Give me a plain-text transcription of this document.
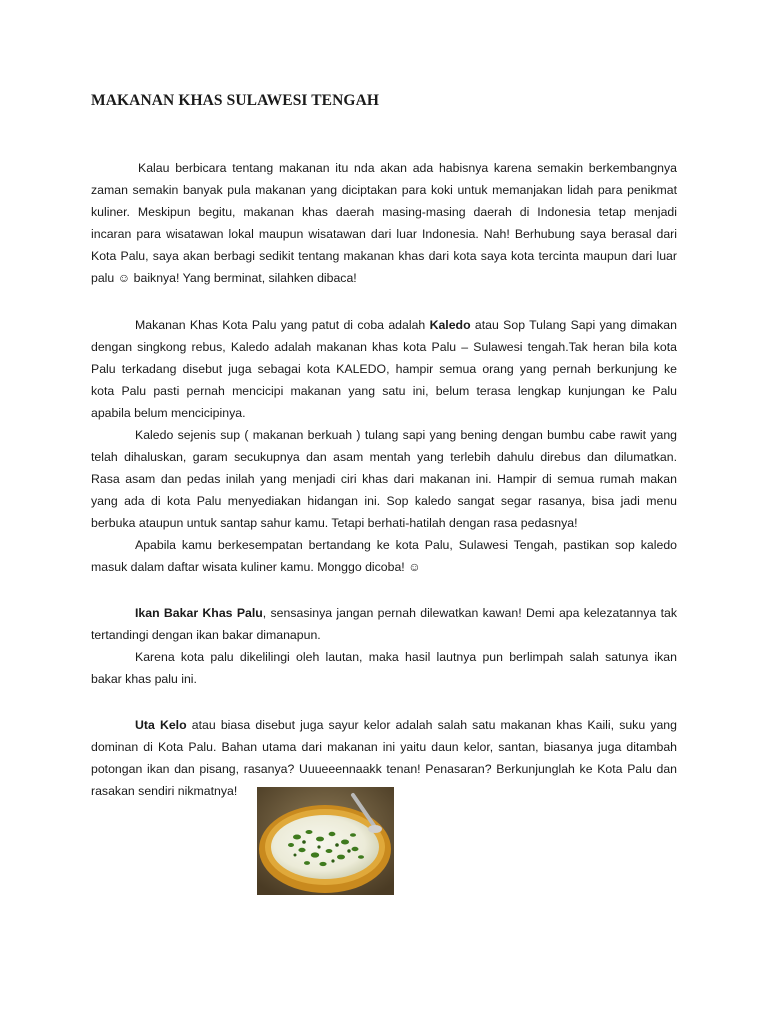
MAKANAN KHAS SULAWESI TENGAH
Kalau berbicara tentang makanan itu nda akan ada habisnya karena semakin berkembangnya
zaman semakin banyak pula makanan yang diciptakan para koki untuk memanjakan lidah para penikmat
kuliner. Meskipun begitu, makanan khas daerah masing-masing daerah di Indonesia tetap menjadi
incaran para wisatawan lokal maupun wisatawan dari luar Indonesia. Nah! Berhubung saya berasal dari
Kota Palu, saya akan berbagi sedikit tentang makanan khas dari kota saya kota tercinta maupun dari luar
palu ☺ baiknya! Yang berminat, silahken dibaca!
Makanan Khas Kota Palu yang patut di coba adalah Kaledo atau Sop Tulang Sapi yang dimakan
dengan singkong rebus, Kaledo adalah makanan khas kota Palu – Sulawesi tengah.Tak heran bila kota
Palu terkadang disebut juga sebagai kota KALEDO, hampir semua orang yang pernah berkunjung ke
kota Palu pasti pernah mencicipi makanan yang satu ini, belum terasa lengkap kunjungan ke Palu
apabila belum mencicipinya.
Kaledo sejenis sup ( makanan berkuah ) tulang sapi yang bening dengan bumbu cabe rawit yang
telah dihaluskan, garam secukupnya dan asam mentah yang terlebih dahulu direbus dan dilumatkan.
Rasa asam dan pedas inilah yang menjadi ciri khas dari makanan ini. Hampir di semua rumah makan
yang ada di kota Palu menyediakan hidangan ini. Sop kaledo sangat segar rasanya, bisa jadi menu
berbuka ataupun untuk santap sahur kamu. Tetapi berhati-hatilah dengan rasa pedasnya!
Apabila kamu berkesempatan bertandang ke kota Palu, Sulawesi Tengah, pastikan sop kaledo
masuk dalam daftar wisata kuliner kamu. Monggo dicoba! ☺
Ikan Bakar Khas Palu, sensasinya jangan pernah dilewatkan kawan! Demi apa kelezatannya tak
tertandingi dengan ikan bakar dimanapun.
Karena kota palu dikelilingi oleh lautan, maka hasil lautnya pun berlimpah salah satunya ikan
bakar khas palu ini.
Uta Kelo atau biasa disebut juga sayur kelor adalah salah satu makanan khas Kaili, suku yang
dominan di Kota Palu. Bahan utama dari makanan ini yaitu daun kelor, santan, biasanya juga ditambah
potongan ikan dan pisang, rasanya? Uuueeennaakk tenan! Penasaran? Berkunjunglah ke Kota Palu dan
rasakan sendiri nikmatnya!
